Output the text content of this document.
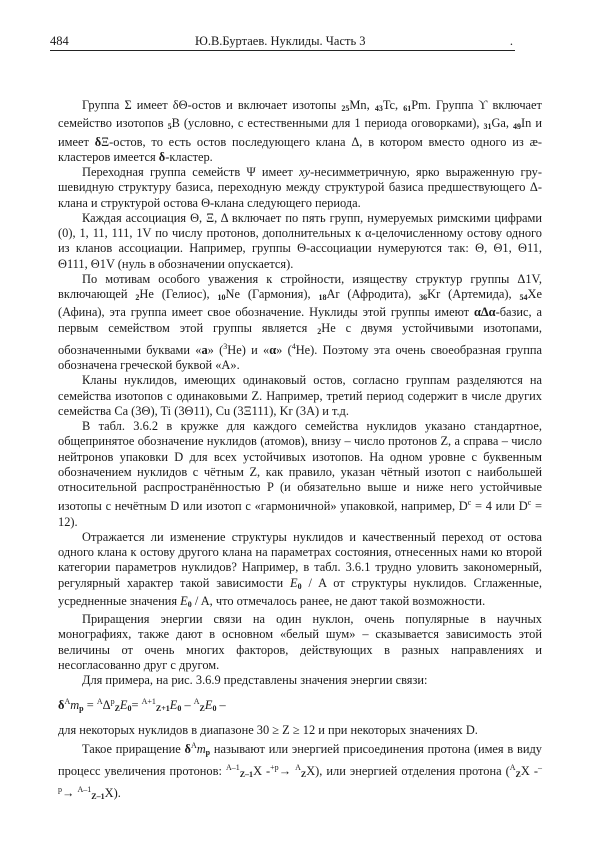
484	Ю.В.Буртаев. Нуклиды. Часть 3	.

Группа Σ имеет δΘ-остов и включает изотопы $_{25}$Mn, $_{43}$Tc, $_{61}$Pm. Группа ϒ включает семейство изотопов $_5$B (условно, с естественными для 1 периода оговорками), $_{31}$Ga, $_{49}$In и имеет δΞ-остов, то есть остов последующего клана Δ, в котором вместо одного из æ-кластеров имеется δ-кластер.

Переходная группа семейств Ψ имеет xy-несимметричную, ярко выраженную грушевидную структуру базиса, переходную между структурой базиса предшествующего Δ-клана и структурой остова Θ-клана следующего периода.

Каждая ассоциация Θ, Ξ, Δ включает по пять групп, нумеруемых римскими цифрами (0), 1, 11, 111, 1V по числу протонов, дополнительных к α-целочисленному остову одного из кланов ассоциации. Например, группы Θ-ассоциации нумеруются так: Θ, Θ1, Θ11, Θ111, Θ1V (нуль в обозначении опускается).

По мотивам особого уважения к стройности, изяществу структур группы Δ1V, включающей $_2$He (Гелиос), $_{10}$Ne (Гармония), $_{18}$Ar (Афродита), $_{36}$Kr (Артемида), $_{54}$Xe (Афина), эта группа имеет свое обозначение. Нуклиды этой группы имеют αΔα-базис, а первым семейством этой группы является $_2$He с двумя устойчивыми изотопами, обозначенными буквами «a» ($^3$He) и «α» ($^4$He). Поэтому эта очень своеобразная группа обозначена греческой буквой «A».

Кланы нуклидов, имеющих одинаковый остов, согласно группам разделяются на семейства изотопов с одинаковыми Z. Например, третий период содержит в числе других семейства Ca (3Θ), Ti (3Θ11), Cu (3Ξ111), Kr (3A) и т.д.

В табл. 3.6.2 в кружке для каждого семейства нуклидов указано стандартное, общепринятое обозначение нуклидов (атомов), внизу – число протонов Z, а справа – число нейтронов упаковки D для всех устойчивых изотопов. На одном уровне с буквенным обозначением нуклидов с чётным Z, как правило, указан чётный изотоп с наибольшей относительной распространённостью P (и обязательно выше и ниже него устойчивые изотопы с нечётным D или изотоп с «гармоничной» упаковкой, например, $D^c = 4$ или $D^c = 12$).

Отражается ли изменение структуры нуклидов и качественный переход от остова одного клана к остову другого клана на параметрах состояния, отнесенных нами ко второй категории параметров нуклидов? Например, в табл. 3.6.1 трудно уловить закономерный, регулярный характер такой зависимости $E_0$ / A от структуры нуклидов. Сглаженные, усредненные значения $E_0$ / A, что отмечалось ранее, не дают такой возможности.

Приращения энергии связи на один нуклон, очень популярные в научных монографиях, также дают в основном «белый шум» – сказывается зависимость этой величины от очень многих факторов, действующих в разных направлениях и несогласованно друг с другом.

Для примера, на рис. 3.6.9 представлены значения энергии связи:

$\delta^Am_p = ^A\Delta^p_ZE_0= ^{A+1}_{Z+1}E_0 - ^A_ZE_0$ –

для некоторых нуклидов в диапазоне 30 ≥ Z ≥ 12 и при некоторых значениях D.

Такое приращение $\delta^Am_p$ называют или энергией присоединения протона (имея в виду процесс увеличения протонов: $^{A-1}_{Z-1}$X -$^{+p}$→ $^A_Z$X), или энергией отделения протона ($^A_Z$X -$^{-p}$→ $^{A-1}_{Z-1}$X).
